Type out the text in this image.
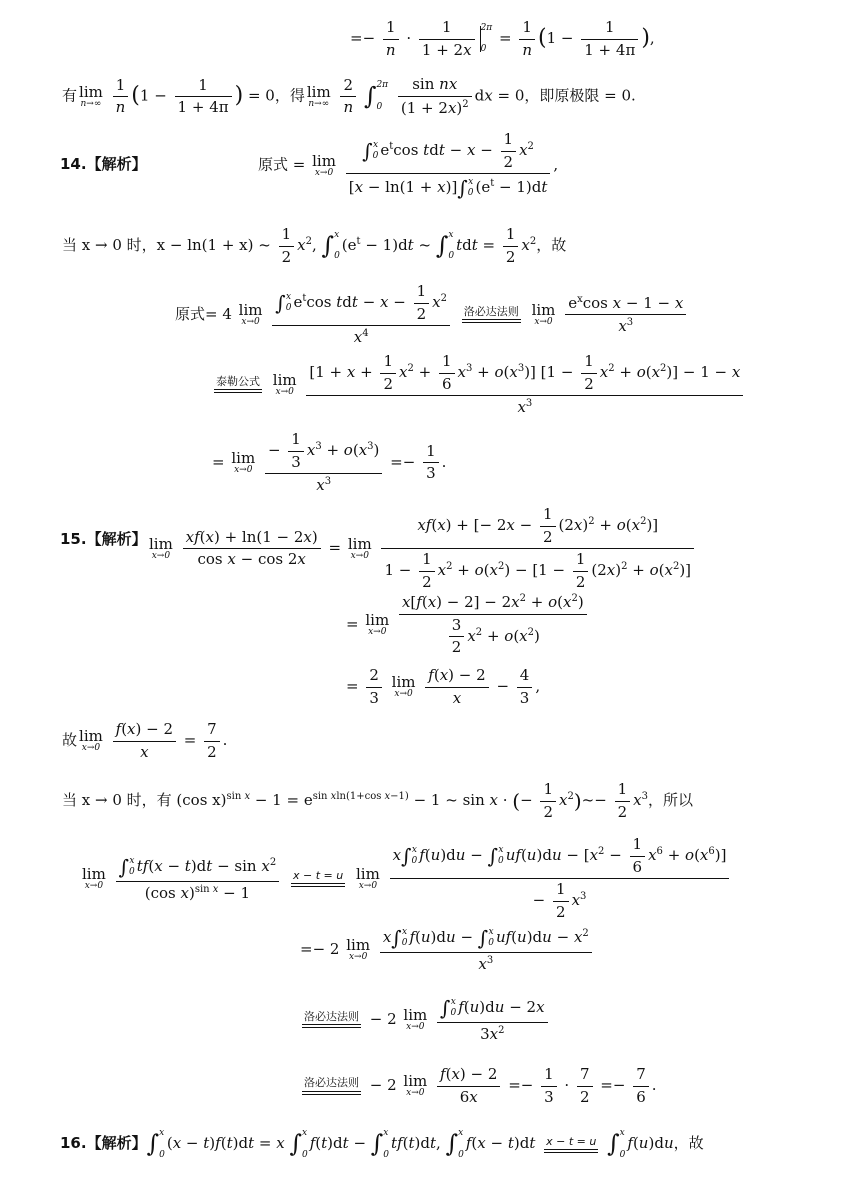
=− $\frac{1}{n} \cdot \frac{1}{1 + 2x} 2\pi$

$0 = \frac{1}{n} (1 - \frac{1}{1 + 4\pi}$ ),
有 lim
n→∞
$\frac{1}{n} (1 - \frac{1}{1 + 4\pi}$ ) = 0，得 lim
n→∞
$\frac{2}{n} \int 2\pi$

$0 \frac{\text{sin nx}}{(1 + 2x)^2}$ dx = 0，即原极限 = 0.
14.【解析】	原式 = lim
x→0

∫x
0 $e^t\cos$ tdt − $x - \frac{1}{2} x^2$
[x − ln(1 + x)]∫x
0 $(e^t - 1)dt$
,
当 x → 0 时，x − ln(1 + x) ~ $\frac{1}{2} x^2$, ∫x

$0(e^t - 1)dt$ ~ ∫x

$0tdt = \frac{1}{2} x^2$，故
原式= 4 lim
x→0

∫x
0 $e^t\cos$ tdt − $x - \frac{1}{2} x^2$
$x^4$

洛必达法则
lim
x→0
$\frac{e^x\cos x - 1 - x}{x^3}$
泰勒公式
lim
x→0
$\frac{[1 + x + \frac{1}{2} x^2 + \frac{1}{6} x^3 + o(x^3)] [1 - \frac{1}{2} x^2 + o(x^2)] - 1 - x}{x^3}$
= lim
x→0
$\frac{- \frac{1}{3} x^3 + o(x^3)}{x^3} =- \frac{1}{3}$ .
15.【解析】 lim
x→0
$\frac{xf(x) + \ln(1 - 2x)}{\text{cos x − cos 2x}} = \lim$
x→0
$\frac{xf(x) + [- 2x - \frac{1}{2} (2x)^2 + o(x^2)]}{1 - \frac{1}{2} x^2 + o(x^2) - [1 - \frac{1}{2} (2x)^2 + o(x^2)]}$
= lim
x→0
$\frac{x[f(x) - 2] - 2x^2 + o(x^2)}{\frac{3}{2} x^2 + o(x^2)}$
= $\frac{2}{3}$
lim
x→0
$\frac{f(x) - 2}{x} - \frac{4}{3}$ ,
故 lim
x→0
$\frac{f(x) - 2}{x} = \frac{7}{2}$ .
当 x → 0 时，有 (cos $x)^{sin x} - 1 = e^{sin xln(1+cos x-1)} - 1$ ~ sin x · (− $\frac{1}{2}$ $x^2)\sim- \frac{1}{2} x^3$，所以
lim
x→0

∫x
0 $tf(x - t)dt - \sin x^2$
(cos x)$^{sin x}$ − 1

x − t = u
lim
x→0

x∫x
0 f(u)du − ∫x
0 $uf(u)du - [x^2 - \frac{1}{6} x^6 + o(x^6)]$
− $\frac{1}{2} x^3$
=− 2 lim
x→0

x∫x
0 f(u)du − ∫x
0 $uf(u)du - x^2$
$x^3$
洛必达法则 − 2 lim
x→0

∫x
0 f(u)du − 2x
$3x^2$
洛必达法则 − 2 lim
x→0
$\frac{f(x) - 2}{6x} =- \frac{1}{3} \cdot \frac{7}{2} =- \frac{7}{6}$ .
16.【解析】∫x

0(x − t)f(t)dt = x ∫x

0f(t)dt − ∫x

0tf(t)dt, ∫x

0f(x − t)dt x − t = u ∫x

0f(u)du，故
